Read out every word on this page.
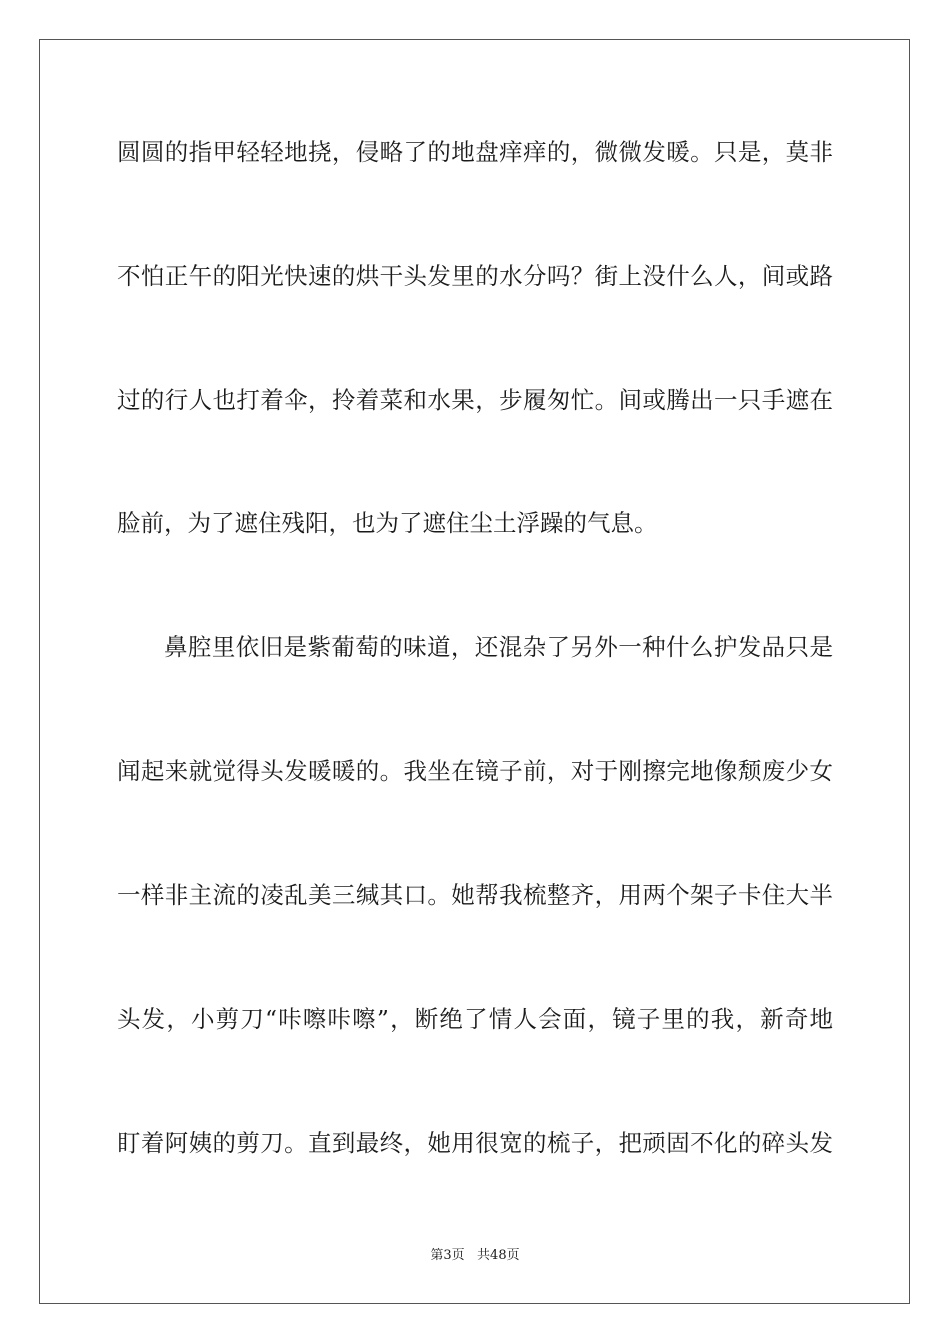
圆圆的指甲轻轻地挠，侵略了的地盘痒痒的，微微发暖。只是，莫非
不怕正午的阳光快速的烘干头发里的水分吗？街上没什么人，间或路
过的行人也打着伞，拎着菜和水果，步履匆忙。间或腾出一只手遮在
脸前，为了遮住残阳，也为了遮住尘土浮躁的气息。
鼻腔里依旧是紫葡萄的味道，还混杂了另外一种什么护发品只是
闻起来就觉得头发暖暖的。我坐在镜子前，对于刚擦完地像颓废少女
一样非主流的凌乱美三缄其口。她帮我梳整齐，用两个架子卡住大半
头发，小剪刀“咔嚓咔嚓”，断绝了情人会面，镜子里的我，新奇地
盯着阿姨的剪刀。直到最终，她用很宽的梳子，把顽固不化的碎头发
第3页   共48页
